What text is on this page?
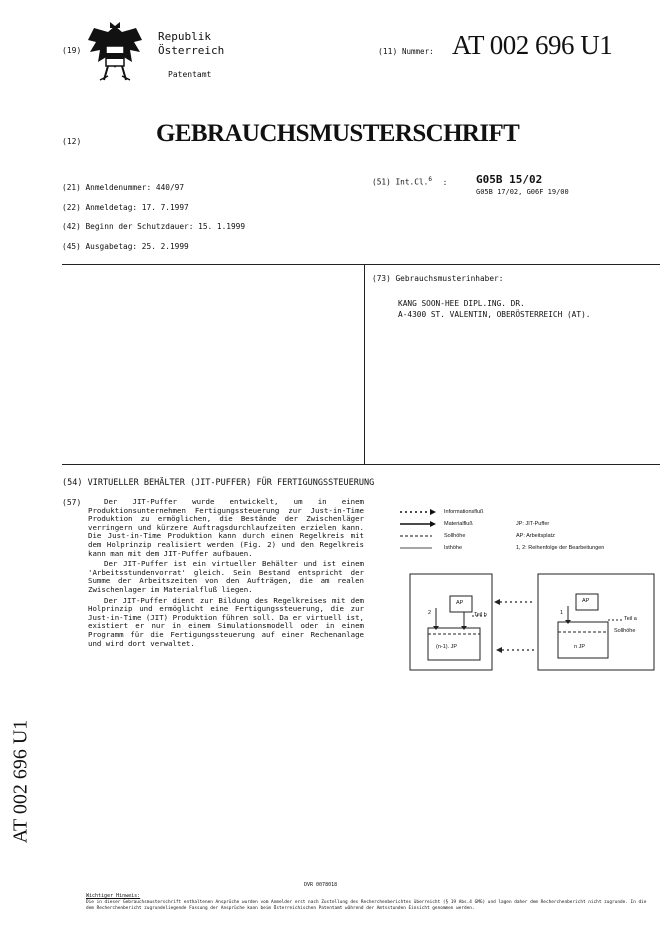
(19)
Republik
Österreich
Patentamt
(11) Nummer: AT 002 696 U1
(12)	GEBRAUCHSMUSTERSCHRIFT
(21) Anmeldenummer: 440/97
(22) Anmeldetag: 17. 7.1997
(42) Beginn der Schutzdauer: 15. 1.1999
(45) Ausgabetag: 25. 2.1999
(51) Int.Cl.$^6$ :	G05B 15/02
G05B 17/02, G06F 19/00
(73) Gebrauchsmusterinhaber:
KANG SOON-HEE DIPL.ING. DR.
A-4300 ST. VALENTIN, OBERÖSTERREICH (AT).
(54) VIRTUELLER BEHÄLTER (JIT-PUFFER) FÜR FERTIGUNGSSTEUERUNG
(57)	Der JIT-Puffer wurde entwickelt, um in einem Produktionsunternehmen Fertigungssteuerung zur Just-in-Time Produktion zu ermöglichen, die Bestände der Zwischenläger verringern und kürzere Auftragsdurchlaufzeiten erzielen kann. Die Just-in-Time Produktion kann durch einen Regelkreis mit dem Holprinzip realisiert werden (Fig. 2) und den Regelkreis kann man mit dem JIT-Puffer aufbauen.

Der JIT-Puffer ist ein virtueller Behälter und ist einem 'Arbeitsstundenvorrat' gleich. Sein Bestand entspricht der Summe der Arbeitszeiten von den Aufträgen, die am realen Zwischenlager im Materialfluß liegen.

Der JIT-Puffer dient zur Bildung des Regelkreises mit dem Holprinzip und ermöglicht eine Fertigungssteuerung, die zur Just-in-Time (JIT) Produktion führen soll. Da er virtuell ist, existiert er nur in einem Simulationsmodell oder in einem Programm für die Fertigungssteuerung auf einer Rechenanlage und wird dort verwaltet.

Informationsfluß
Materialfluß
Sollhöhe
Isthöhe
JP: JIT-Puffer
AP: Arbeitsplatz
1, 2: Reihenfolge der Bearbeitungen
AP
(n-1). JP
2	Teil b
AP
n JP
1
Teil a
Sollhöhe
AT 002 696 U1
DVR 0078018
Wichtiger Hinweis:
Die in dieser Gebrauchsmusterschrift enthaltenen Ansprüche wurden vom Anmelder erst nach Zustellung des Recherchenberichtes überreicht (§ 19 Abs.4 GMG) und lagen daher dem Recherchenbericht nicht zugrunde. In die dem Recherchenbericht zugrundeliegende Fassung der Ansprüche kann beim Österreichischen Patentamt während der Amtsstunden Einsicht genommen werden.
